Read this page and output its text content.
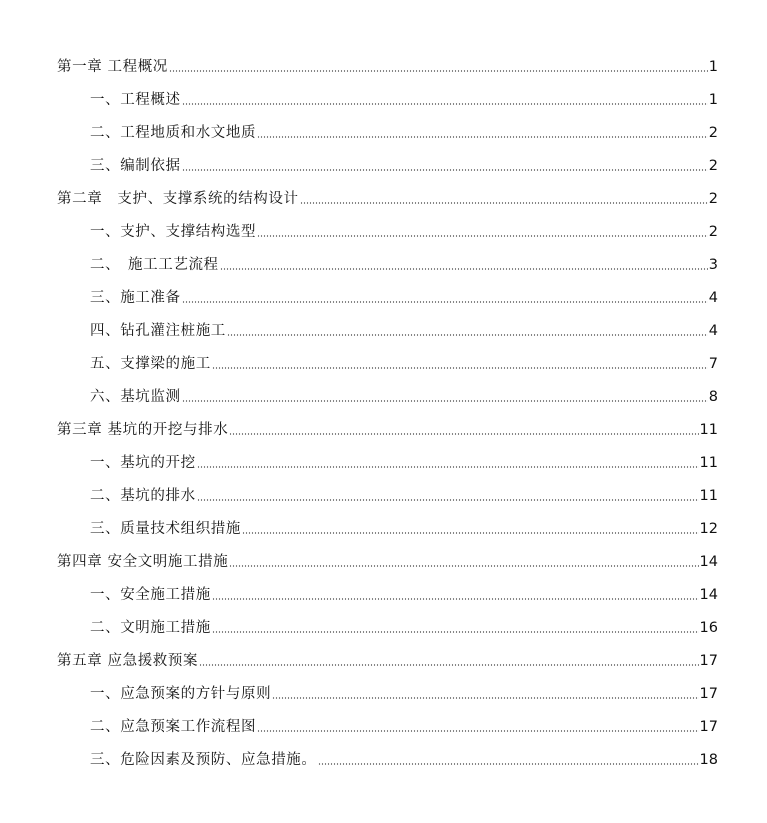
第一章 工程概况	1
一、工程概述	1
二、工程地质和水文地质	2
三、编制依据	2
第二章　支护、支撑系统的结构设计	2
一、支护、支撑结构选型	2
二、　施工工艺流程	3
三、施工准备	4
四、钻孔灌注桩施工	4
五、支撑梁的施工	7
六、基坑监测	8
第三章 基坑的开挖与排水	11
一、基坑的开挖	11
二、基坑的排水	11
三、质量技术组织措施	12
第四章 安全文明施工措施	14
一、安全施工措施	14
二、文明施工措施	16
第五章 应急援救预案	17
一、应急预案的方针与原则	17
二、应急预案工作流程图	17
三、危险因素及预防、应急措施。	18
